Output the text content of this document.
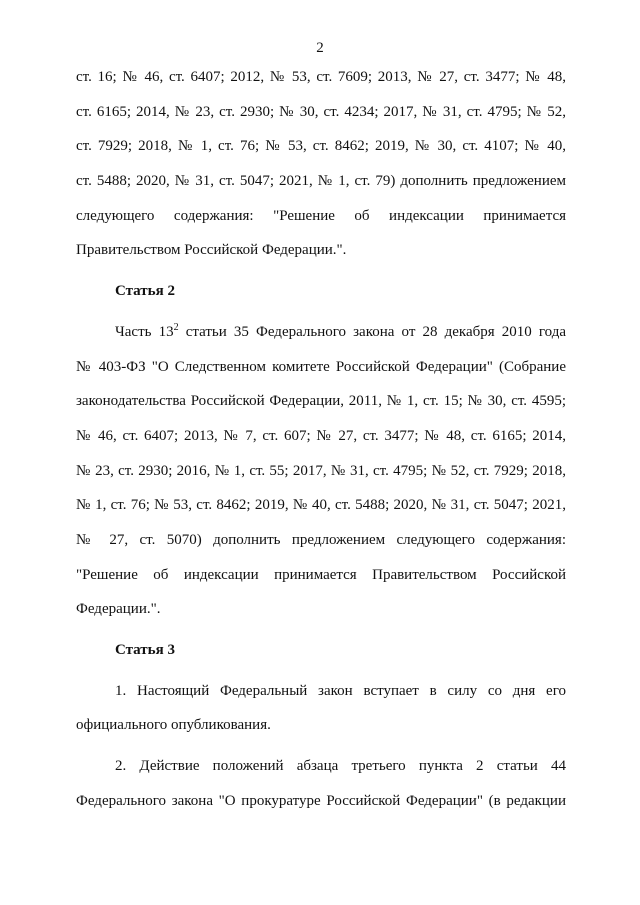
2
ст. 16; № 46, ст. 6407; 2012, № 53, ст. 7609; 2013, № 27, ст. 3477; № 48,
ст. 6165; 2014, № 23, ст. 2930; № 30, ст. 4234; 2017, № 31, ст. 4795; № 52,
ст. 7929; 2018, № 1, ст. 76; № 53, ст. 8462; 2019, № 30, ст. 4107; № 40,
ст. 5488; 2020, № 31, ст. 5047; 2021, № 1, ст. 79) дополнить предложением
следующего содержания: "Решение об индексации принимается
Правительством Российской Федерации.".
Статья 2
Часть $13^2$ статьи 35 Федерального закона от 28 декабря 2010 года
№ 403-ФЗ "О Следственном комитете Российской Федерации" (Собрание
законодательства Российской Федерации, 2011, № 1, ст. 15; № 30, ст. 4595;
№ 46, ст. 6407; 2013, № 7, ст. 607; № 27, ст. 3477; № 48, ст. 6165; 2014,
№ 23, ст. 2930; 2016, № 1, ст. 55; 2017, № 31, ст. 4795; № 52, ст. 7929; 2018,
№ 1, ст. 76; № 53, ст. 8462; 2019, № 40, ст. 5488; 2020, № 31, ст. 5047; 2021,
№ 27, ст. 5070) дополнить предложением следующего содержания:
"Решение об индексации принимается Правительством Российской
Федерации.".
Статья 3
1. Настоящий Федеральный закон вступает в силу со дня его
официального опубликования.
2. Действие положений абзаца третьего пункта 2 статьи 44
Федерального закона "О прокуратуре Российской Федерации" (в редакции
